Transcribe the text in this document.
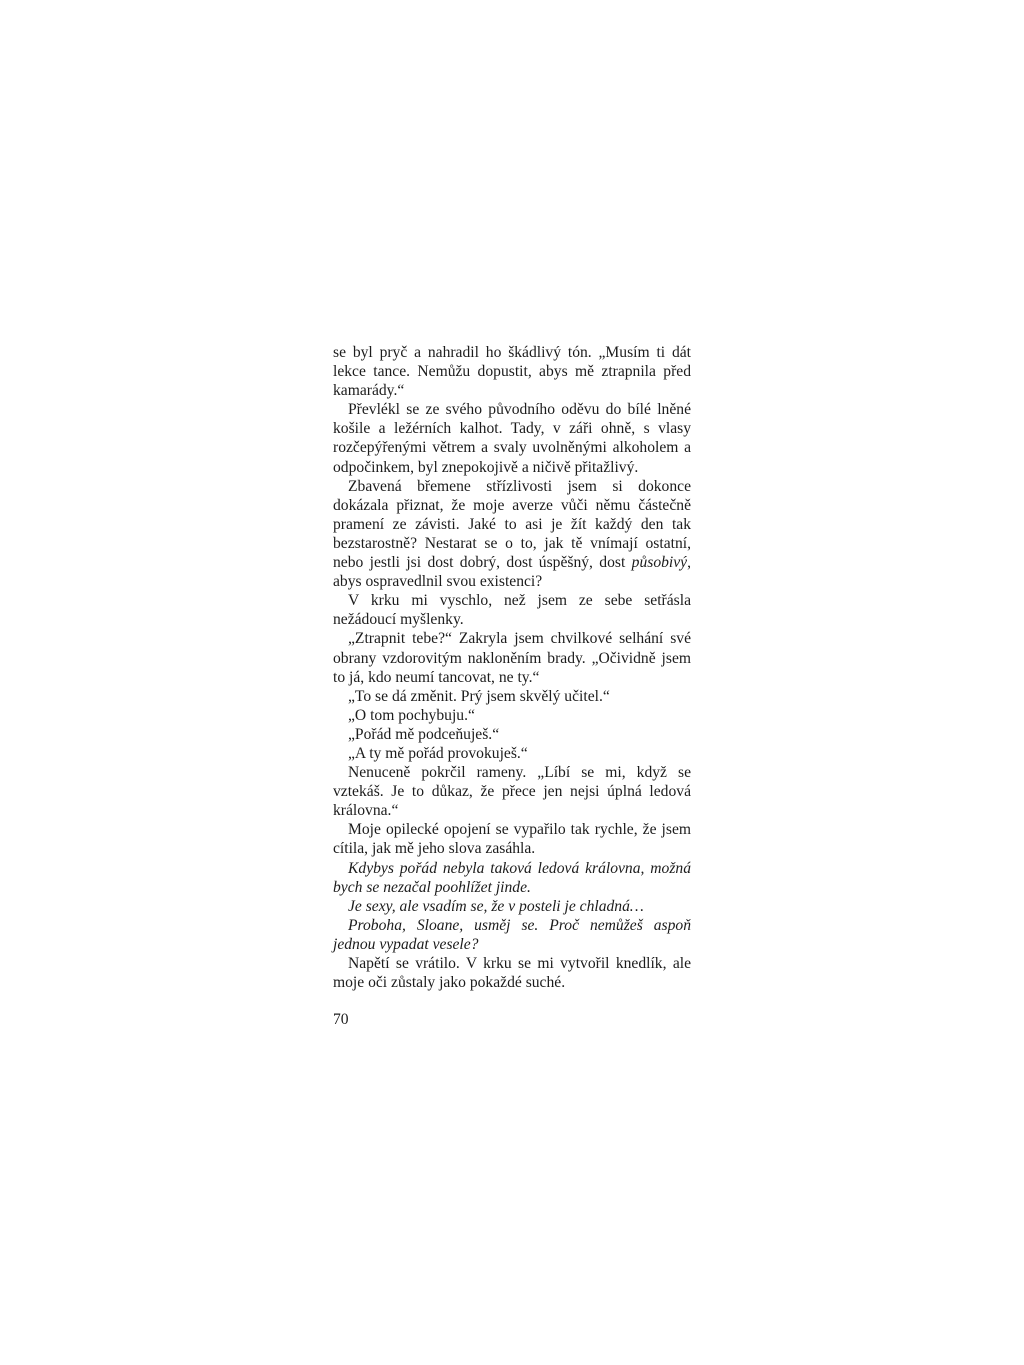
se byl pryč a nahradil ho škádlivý tón. „Musím ti dát lekce tance. Nemůžu dopustit, abys mě ztrapnila před kamarády.“

Převlékl se ze svého původního oděvu do bílé lněné košile a ležérních kalhot. Tady, v záři ohně, s vlasy rozčepýřenými větrem a svaly uvolněnými alkoholem a odpočinkem, byl znepokojivě a ničivě přitažlivý.

Zbavená břemene střízlivosti jsem si dokonce dokázala přiznat, že moje averze vůči němu částečně pramení ze závisti. Jaké to asi je žít každý den tak bezstarostně? Nestarat se o to, jak tě vnímají ostatní, nebo jestli jsi dost dobrý, dost úspěšný, dost působivý, abys ospravedlnil svou existenci?

V krku mi vyschlo, než jsem ze sebe setřásla nežádoucí myšlenky.

„Ztrapnit tebe?“ Zakryla jsem chvilkové selhání své obrany vzdorovitým nakloněním brady. „Očividně jsem to já, kdo neumí tancovat, ne ty.“

„To se dá změnit. Prý jsem skvělý učitel.“

„O tom pochybuju.“

„Pořád mě podceňuješ.“

„A ty mě pořád provokuješ.“

Nenuceně pokrčil rameny. „Líbí se mi, když se vztekáš. Je to důkaz, že přece jen nejsi úplná ledová královna.“

Moje opilecké opojení se vypařilo tak rychle, že jsem cítila, jak mě jeho slova zasáhla.

Kdybys pořád nebyla taková ledová královna, možná bych se nezačal poohlížet jinde.

Je sexy, ale vsadím se, že v posteli je chladná…

Proboha, Sloane, usměj se. Proč nemůžeš aspoň jednou vypadat vesele?

Napětí se vrátilo. V krku se mi vytvořil knedlík, ale moje oči zůstaly jako pokaždé suché.

70
